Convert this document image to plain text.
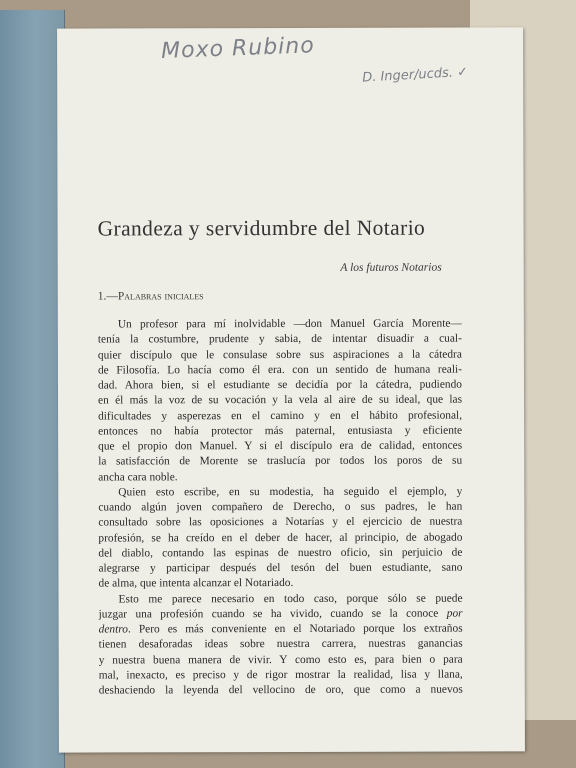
Moxo Rubino
D. Inger/ucds. ✓
Grandeza y servidumbre del Notario
A los futuros Notarios
1.—Palabras iniciales

Un profesor para mí inolvidable —don Manuel García Morente—
tenía la costumbre, prudente y sabia, de intentar disuadir a cual-
quier discípulo que le consulase sobre sus aspiraciones a la cátedra
de Filosofía. Lo hacía como él era. con un sentido de humana reali-
dad. Ahora bien, si el estudiante se decidía por la cátedra, pudiendo
en él más la voz de su vocación y la vela al aire de su ideal, que las
dificultades y asperezas en el camino y en el hábito profesional,
entonces no había protector más paternal, entusiasta y eficiente
que el propio don Manuel. Y si el discípulo era de calidad, entonces
la satisfacción de Morente se traslucía por todos los poros de su
ancha cara noble.

Quien esto escribe, en su modestia, ha seguido el ejemplo, y
cuando algún joven compañero de Derecho, o sus padres, le han
consultado sobre las oposiciones a Notarías y el ejercicio de nuestra
profesión, se ha creído en el deber de hacer, al principio, de abogado
del diablo, contando las espinas de nuestro oficio, sin perjuicio de
alegrarse y participar después del tesón del buen estudiante, sano
de alma, que intenta alcanzar el Notariado.

Esto me parece necesario en todo caso, porque sólo se puede
juzgar una profesión cuando se ha vivido, cuando se la conoce por
dentro. Pero es más conveniente en el Notariado porque los extraños
tienen desaforadas ideas sobre nuestra carrera, nuestras ganancias
y nuestra buena manera de vivir. Y como esto es, para bien o para
mal, inexacto, es preciso y de rigor mostrar la realidad, lisa y llana,
deshaciendo la leyenda del vellocino de oro, que como a nuevos
